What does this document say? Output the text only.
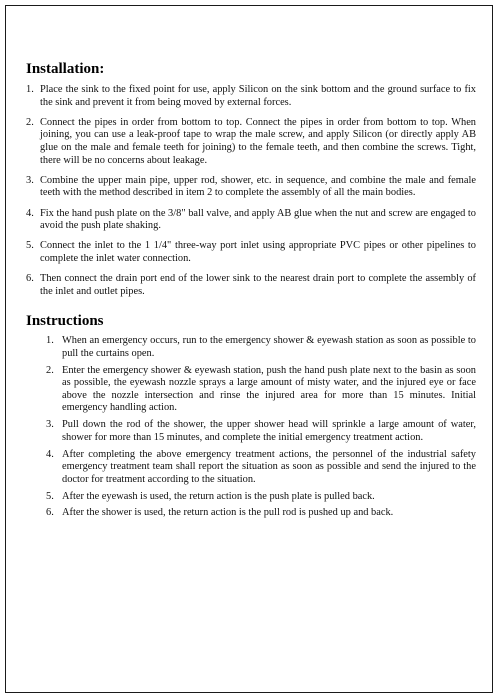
Installation:
1. Place the sink to the fixed point for use, apply Silicon on the sink bottom and the ground surface to fix the sink and prevent it from being moved by external forces.
2. Connect the pipes in order from bottom to top. Connect the pipes in order from bottom to top. When joining, you can use a leak-proof tape to wrap the male screw, and apply Silicon (or directly apply AB glue on the male and female teeth for joining) to the female teeth, and then combine the screws. Tight, there will be no concerns about leakage.
3. Combine the upper main pipe, upper rod, shower, etc. in sequence, and combine the male and female teeth with the method described in item 2 to complete the assembly of all the main bodies.
4. Fix the hand push plate on the 3/8" ball valve, and apply AB glue when the nut and screw are engaged to avoid the push plate shaking.
5. Connect the inlet to the 1 1/4" three-way port inlet using appropriate PVC pipes or other pipelines to complete the inlet water connection.
6. Then connect the drain port end of the lower sink to the nearest drain port to complete the assembly of the inlet and outlet pipes.
Instructions
1. When an emergency occurs, run to the emergency shower & eyewash station as soon as possible to pull the curtains open.
2. Enter the emergency shower & eyewash station, push the hand push plate next to the basin as soon as possible, the eyewash nozzle sprays a large amount of misty water, and the injured eye or face above the nozzle intersection and rinse the injured area for more than 15 minutes. Initial emergency handling action.
3. Pull down the rod of the shower, the upper shower head will sprinkle a large amount of water, shower for more than 15 minutes, and complete the initial emergency treatment action.
4. After completing the above emergency treatment actions, the personnel of the industrial safety emergency treatment team shall report the situation as soon as possible and send the injured to the doctor for treatment according to the situation.
5. After the eyewash is used, the return action is the push plate is pulled back.
6. After the shower is used, the return action is the pull rod is pushed up and back.
